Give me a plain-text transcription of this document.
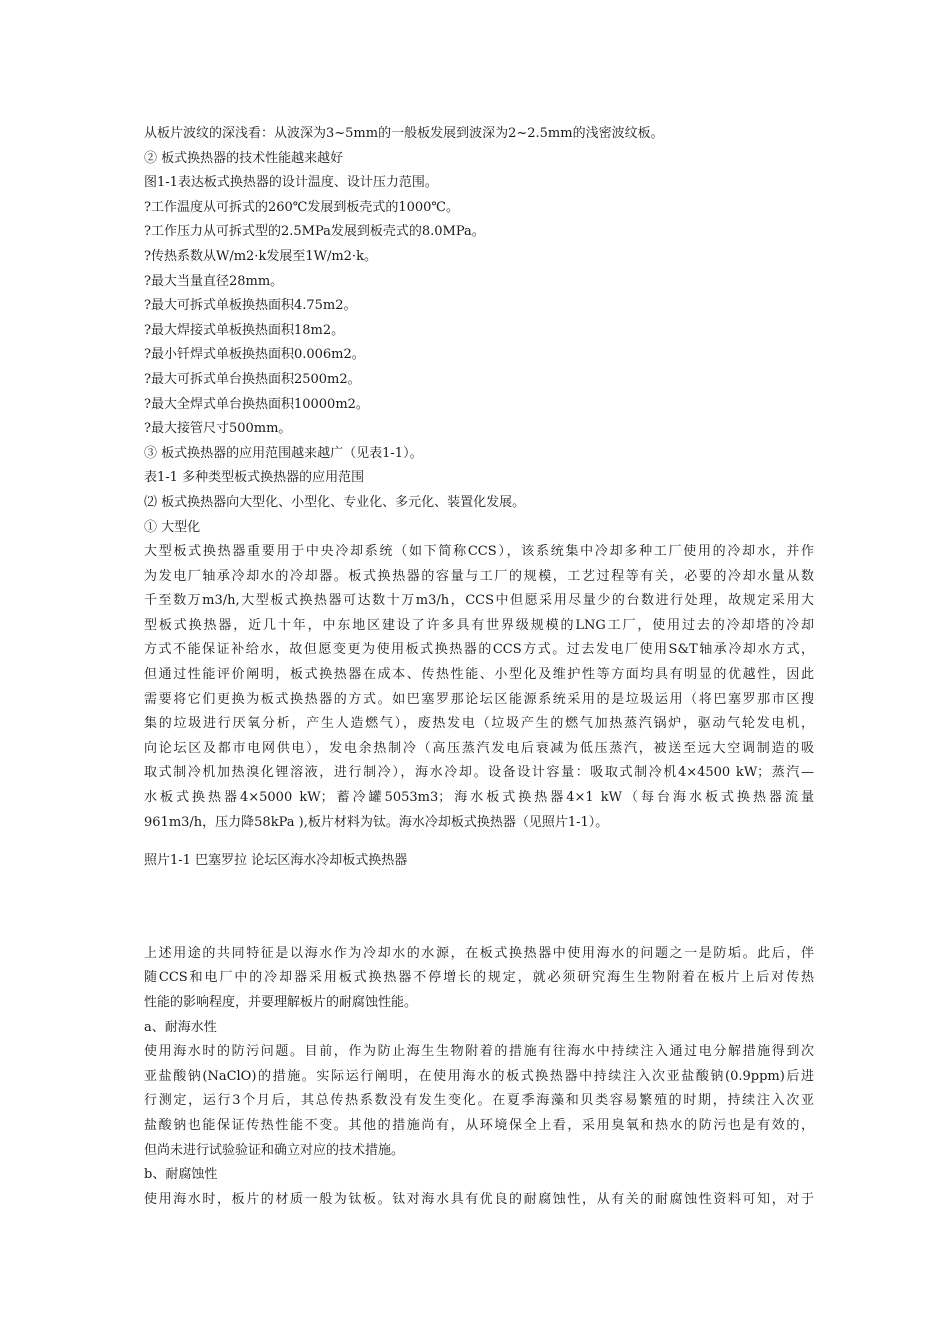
从板片波纹的深浅看：从波深为3~5mm的一般板发展到波深为2~2.5mm的浅密波纹板。
② 板式换热器的技术性能越来越好
图1-1表达板式换热器的设计温度、设计压力范围。
?工作温度从可拆式的260℃发展到板壳式的1000℃。
?工作压力从可拆式型的2.5MPa发展到板壳式的8.0MPa。
?传热系数从W/m2·k发展至1W/m2·k。
?最大当量直径28mm。
?最大可拆式单板换热面积4.75m2。
?最大焊接式单板换热面积18m2。
?最小钎焊式单板换热面积0.006m2。
?最大可拆式单台换热面积2500m2。
?最大全焊式单台换热面积10000m2。
?最大接管尺寸500mm。
③ 板式换热器的应用范围越来越广（见表1-1）。
表1-1 多种类型板式换热器的应用范围
⑵ 板式换热器向大型化、小型化、专业化、多元化、装置化发展。
① 大型化
大型板式换热器重要用于中央冷却系统（如下简称CCS），该系统集中冷却多种工厂使用的冷却水，并作
为发电厂轴承冷却水的冷却器。板式换热器的容量与工厂的规模，工艺过程等有关，必要的冷却水量从数
千至数万m3/h,大型板式换热器可达数十万m3/h，CCS中但愿采用尽量少的台数进行处理，故规定采用大
型板式换热器，近几十年，中东地区建设了许多具有世界级规模的LNG工厂，使用过去的冷却塔的冷却
方式不能保证补给水，故但愿变更为使用板式换热器的CCS方式。过去发电厂使用S&T轴承冷却水方式，
但通过性能评价阐明，板式换热器在成本、传热性能、小型化及维护性等方面均具有明显的优越性，因此
需要将它们更换为板式换热器的方式。如巴塞罗那论坛区能源系统采用的是垃圾运用（将巴塞罗那市区搜
集的垃圾进行厌氧分析，产生人造燃气），废热发电（垃圾产生的燃气加热蒸汽锅炉，驱动气轮发电机，
向论坛区及都市电网供电），发电余热制冷（高压蒸汽发电后衰减为低压蒸汽，被送至远大空调制造的吸
取式制冷机加热溴化锂溶液，进行制冷），海水冷却。设备设计容量：吸取式制冷机4×4500 kW；蒸汽—
水板式换热器4×5000 kW；蓄冷罐5053m3；海水板式换热器4×1 kW（每台海水板式换热器流量
961m3/h，压力降58kPa ),板片材料为钛。海水冷却板式换热器（见照片1-1）。
照片1-1 巴塞罗拉 论坛区海水冷却板式换热器
上述用途的共同特征是以海水作为冷却水的水源，在板式换热器中使用海水的问题之一是防垢。此后，伴
随CCS和电厂中的冷却器采用板式换热器不停增长的规定，就必须研究海生生物附着在板片上后对传热
性能的影响程度，并要理解板片的耐腐蚀性能。
a、耐海水性
使用海水时的防污问题。目前，作为防止海生生物附着的措施有往海水中持续注入通过电分解措施得到次
亚盐酸钠(NaClO)的措施。实际运行阐明，在使用海水的板式换热器中持续注入次亚盐酸钠(0.9ppm)后进
行测定，运行3个月后，其总传热系数没有发生变化。在夏季海藻和贝类容易繁殖的时期，持续注入次亚
盐酸钠也能保证传热性能不变。其他的措施尚有，从环境保全上看，采用臭氧和热水的防污也是有效的，
但尚未进行试验验证和确立对应的技术措施。
b、耐腐蚀性
使用海水时，板片的材质一般为钛板。钛对海水具有优良的耐腐蚀性，从有关的耐腐蚀性资料可知，对于
